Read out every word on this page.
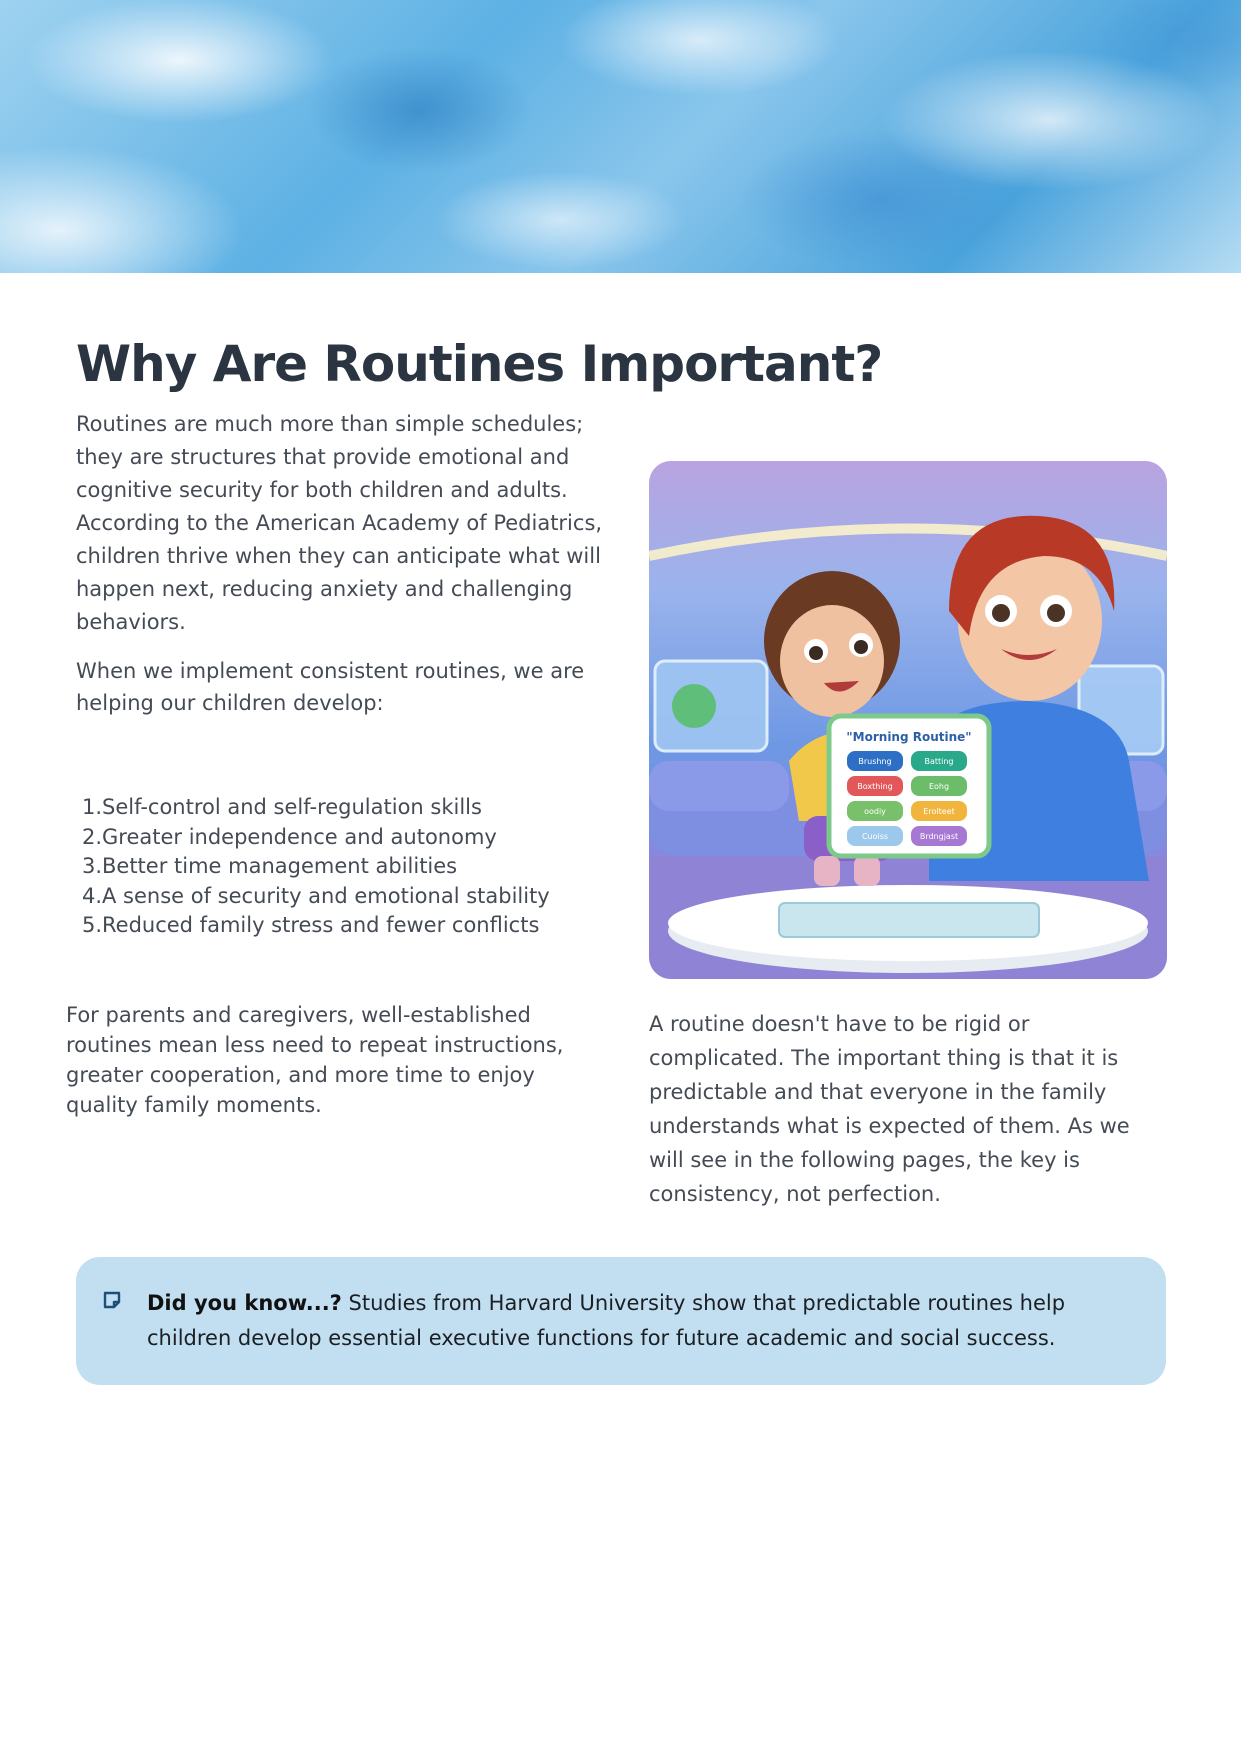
Why Are Routines Important?

Routines are much more than simple schedules; they are structures that provide emotional and cognitive security for both children and adults. According to the American Academy of Pediatrics, children thrive when they can anticipate what will happen next, reducing anxiety and challenging behaviors.

When we implement consistent routines, we are helping our children develop:

1.Self-control and self-regulation skills
2.Greater independence and autonomy
3.Better time management abilities
4.A sense of security and emotional stability
5.Reduced family stress and fewer conflicts

For parents and caregivers, well-established routines mean less need to repeat instructions, greater cooperation, and more time to enjoy quality family moments.

"Morning Routine"
Brushng	Batting
Boxthing	Eohg
oodiy	Erolteet
Cuoiss	Brdngjast

A routine doesn't have to be rigid or complicated. The important thing is that it is predictable and that everyone in the family understands what is expected of them. As we will see in the following pages, the key is consistency, not perfection.

Did you know...? Studies from Harvard University show that predictable routines help children develop essential executive functions for future academic and social success.
